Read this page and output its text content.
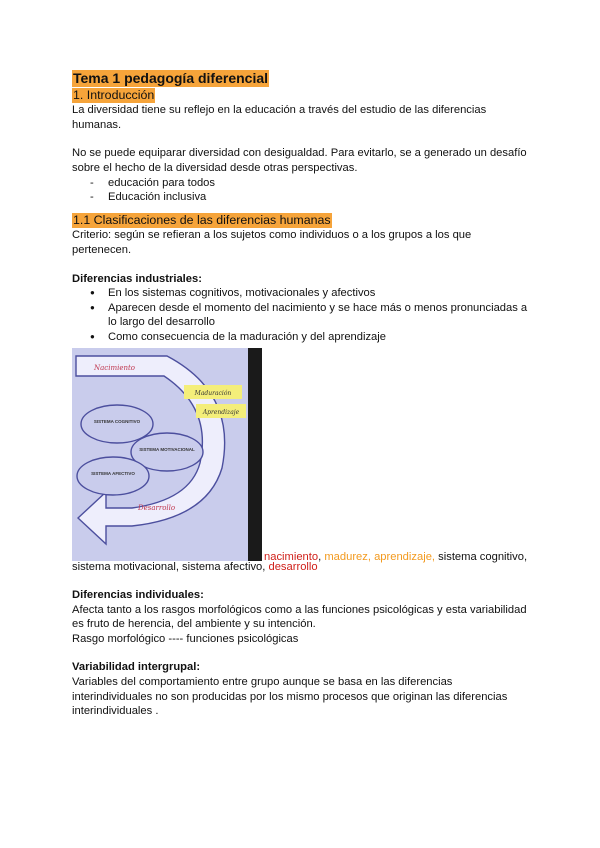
Tema 1 pedagogía diferencial
1. Introducción

La diversidad tiene su reflejo en la educación a través del estudio de las diferencias humanas.

No se puede equiparar diversidad con desigualdad. Para evitarlo, se a generado un desafío sobre el hecho de la diversidad desde otras perspectivas.

- educación para todos
- Educación inclusiva
1.1 Clasificaciones de las diferencias humanas

Criterio: según se refieran a los sujetos como individuos o a los grupos a los que pertenecen.

Diferencias industriales:

● En los sistemas cognitivos, motivacionales y afectivos
● Aparecen desde el momento del nacimiento y se hace más o menos pronunciadas a lo largo del desarrollo
● Como consecuencia de la maduración y del aprendizaje
Maduración
Aprendizaje
Nacimiento
SISTEMA COGNITIVO
SISTEMA MOTIVACIONAL
SISTEMA AFECTIVO
Desarrollo
nacimiento, madurez, aprendizaje, sistema cognitivo,
sistema motivacional, sistema afectivo, desarrollo

Diferencias individuales:

Afecta tanto a los rasgos morfológicos como a las funciones psicológicas y esta variabilidad es fruto de herencia, del ambiente y su intención.

Rasgo morfológico ---- funciones psicológicas

Variabilidad intergrupal:

Variables del comportamiento entre grupo aunque se basa en las diferencias interindividuales no son producidas por los mismo procesos que originan las diferencias interindividuales .
